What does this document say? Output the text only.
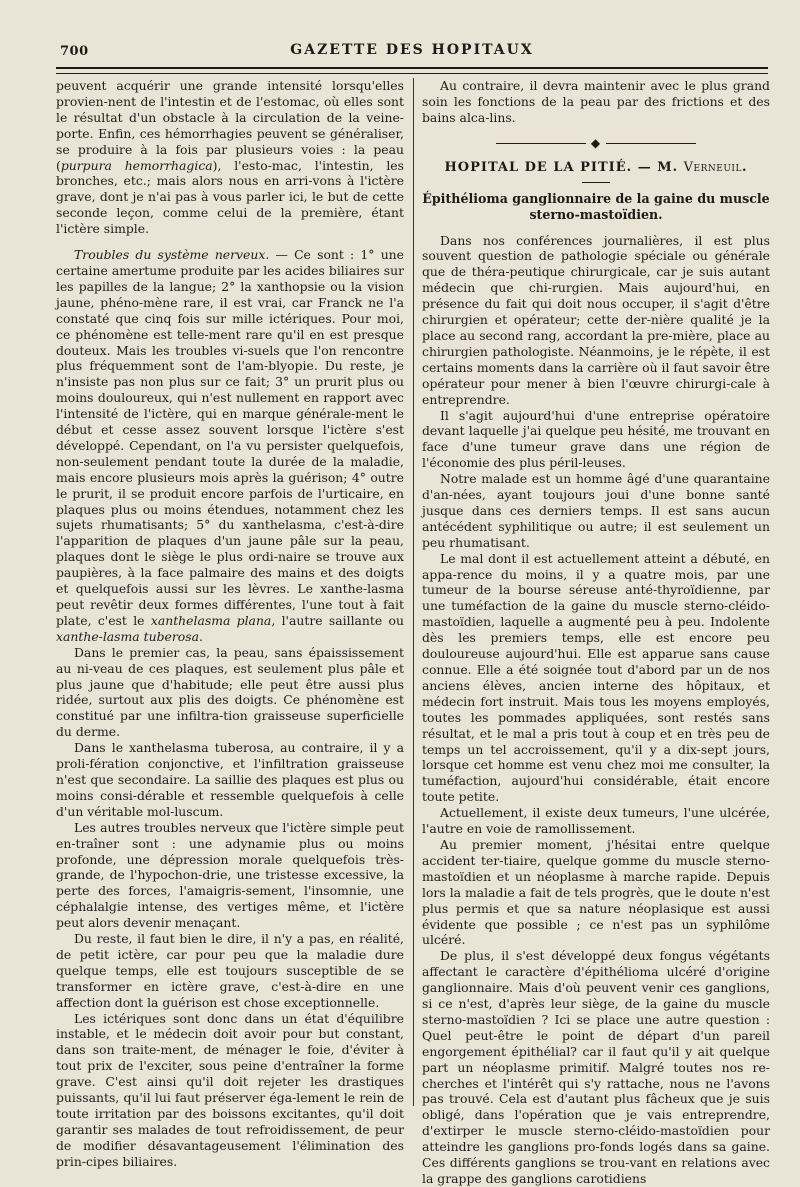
700	GAZETTE DES HOPITAUX

peuvent acquérir une grande intensité lorsqu'elles provien-nent de l'intestin et de l'estomac, où elles sont le résultat d'un obstacle à la circulation de la veine-porte. Enfin, ces hémorrhagies peuvent se généraliser, se produire à la fois par plusieurs voies : la peau (purpura hemorrhagica), l'esto-mac, l'intestin, les bronches, etc.; mais alors nous en arri-vons à l'ictère grave, dont je n'ai pas à vous parler ici, le but de cette seconde leçon, comme celui de la première, étant l'ictère simple.

Troubles du système nerveux. — Ce sont : 1° une certaine amertume produite par les acides biliaires sur les papilles de la langue; 2° la xanthopsie ou la vision jaune, phéno-mène rare, il est vrai, car Franck ne l'a constaté que cinq fois sur mille ictériques. Pour moi, ce phénomène est telle-ment rare qu'il en est presque douteux. Mais les troubles vi-suels que l'on rencontre plus fréquemment sont de l'am-blyopie. Du reste, je n'insiste pas non plus sur ce fait; 3° un prurit plus ou moins douloureux, qui n'est nullement en rapport avec l'intensité de l'ictère, qui en marque générale-ment le début et cesse assez souvent lorsque l'ictère s'est développé. Cependant, on l'a vu persister quelquefois, non-seulement pendant toute la durée de la maladie, mais encore plusieurs mois après la guérison; 4° outre le prurit, il se produit encore parfois de l'urticaire, en plaques plus ou moins étendues, notamment chez les sujets rhumatisants; 5° du xanthelasma, c'est-à-dire l'apparition de plaques d'un jaune pâle sur la peau, plaques dont le siège le plus ordi-naire se trouve aux paupières, à la face palmaire des mains et des doigts et quelquefois aussi sur les lèvres. Le xanthe-lasma peut revêtir deux formes différentes, l'une tout à fait plate, c'est le xanthelasma plana, l'autre saillante ou xanthe-lasma tuberosa.

Dans le premier cas, la peau, sans épaississement au ni-veau de ces plaques, est seulement plus pâle et plus jaune que d'habitude; elle peut être aussi plus ridée, surtout aux plis des doigts. Ce phénomène est constitué par une infiltra-tion graisseuse superficielle du derme.

Dans le xanthelasma tuberosa, au contraire, il y a proli-fération conjonctive, et l'infiltration graisseuse n'est que secondaire. La saillie des plaques est plus ou moins consi-dérable et ressemble quelquefois à celle d'un véritable mol-luscum.

Les autres troubles nerveux que l'ictère simple peut en-traîner sont : une adynamie plus ou moins profonde, une dépression morale quelquefois très-grande, de l'hypochon-drie, une tristesse excessive, la perte des forces, l'amaigris-sement, l'insomnie, une céphalalgie intense, des vertiges même, et l'ictère peut alors devenir menaçant.

Du reste, il faut bien le dire, il n'y a pas, en réalité, de petit ictère, car pour peu que la maladie dure quelque temps, elle est toujours susceptible de se transformer en ictère grave, c'est-à-dire en une affection dont la guérison est chose exceptionnelle.

Les ictériques sont donc dans un état d'équilibre instable, et le médecin doit avoir pour but constant, dans son traite-ment, de ménager le foie, d'éviter à tout prix de l'exciter, sous peine d'entraîner la forme grave. C'est ainsi qu'il doit rejeter les drastiques puissants, qu'il lui faut préserver éga-lement le rein de toute irritation par des boissons excitantes, qu'il doit garantir ses malades de tout refroidissement, de peur de modifier désavantageusement l'élimination des prin-cipes biliaires.

Au contraire, il devra maintenir avec le plus grand soin les fonctions de la peau par des frictions et des bains alca-lins.

◆
HOPITAL DE LA PITIÉ. — M. Verneuil.
Épithélioma ganglionnaire de la gaine du muscle sterno-mastoïdien.

Dans nos conférences journalières, il est plus souvent question de pathologie spéciale ou générale que de théra-peutique chirurgicale, car je suis autant médecin que chi-rurgien. Mais aujourd'hui, en présence du fait qui doit nous occuper, il s'agit d'être chirurgien et opérateur; cette der-nière qualité je la place au second rang, accordant la pre-mière, place au chirurgien pathologiste. Néanmoins, je le répète, il est certains moments dans la carrière où il faut savoir être opérateur pour mener à bien l'œuvre chirurgi-cale à entreprendre.

Il s'agit aujourd'hui d'une entreprise opératoire devant laquelle j'ai quelque peu hésité, me trouvant en face d'une tumeur grave dans une région de l'économie des plus péril-leuses.

Notre malade est un homme âgé d'une quarantaine d'an-nées, ayant toujours joui d'une bonne santé jusque dans ces derniers temps. Il est sans aucun antécédent syphilitique ou autre; il est seulement un peu rhumatisant.

Le mal dont il est actuellement atteint a débuté, en appa-rence du moins, il y a quatre mois, par une tumeur de la bourse séreuse anté-thyroïdienne, par une tuméfaction de la gaine du muscle sterno-cléido-mastoïdien, laquelle a augmenté peu à peu. Indolente dès les premiers temps, elle est encore peu douloureuse aujourd'hui. Elle est apparue sans cause connue. Elle a été soignée tout d'abord par un de nos anciens élèves, ancien interne des hôpitaux, et médecin fort instruit. Mais tous les moyens employés, toutes les pommades appliquées, sont restés sans résultat, et le mal a pris tout à coup et en très peu de temps un tel accroissement, qu'il y a dix-sept jours, lorsque cet homme est venu chez moi me consulter, la tuméfaction, aujourd'hui considérable, était encore toute petite.

Actuellement, il existe deux tumeurs, l'une ulcérée, l'autre en voie de ramollissement.

Au premier moment, j'hésitai entre quelque accident ter-tiaire, quelque gomme du muscle sterno-mastoïdien et un néoplasme à marche rapide. Depuis lors la maladie a fait de tels progrès, que le doute n'est plus permis et que sa nature néoplasique est aussi évidente que possible ; ce n'est pas un syphilôme ulcéré.

De plus, il s'est développé deux fongus végétants affectant le caractère d'épithélioma ulcéré d'origine ganglionnaire. Mais d'où peuvent venir ces ganglions, si ce n'est, d'après leur siège, de la gaine du muscle sterno-mastoïdien ? Ici se place une autre question : Quel peut-être le point de départ d'un pareil engorgement épithélial? car il faut qu'il y ait quelque part un néoplasme primitif. Malgré toutes nos re-cherches et l'intérêt qui s'y rattache, nous ne l'avons pas trouvé. Cela est d'autant plus fâcheux que je suis obligé, dans l'opération que je vais entreprendre, d'extirper le muscle sterno-cléido-mastoïdien pour atteindre les ganglions pro-fonds logés dans sa gaine. Ces différents ganglions se trou-vant en relations avec la grappe des ganglions carotidiens
